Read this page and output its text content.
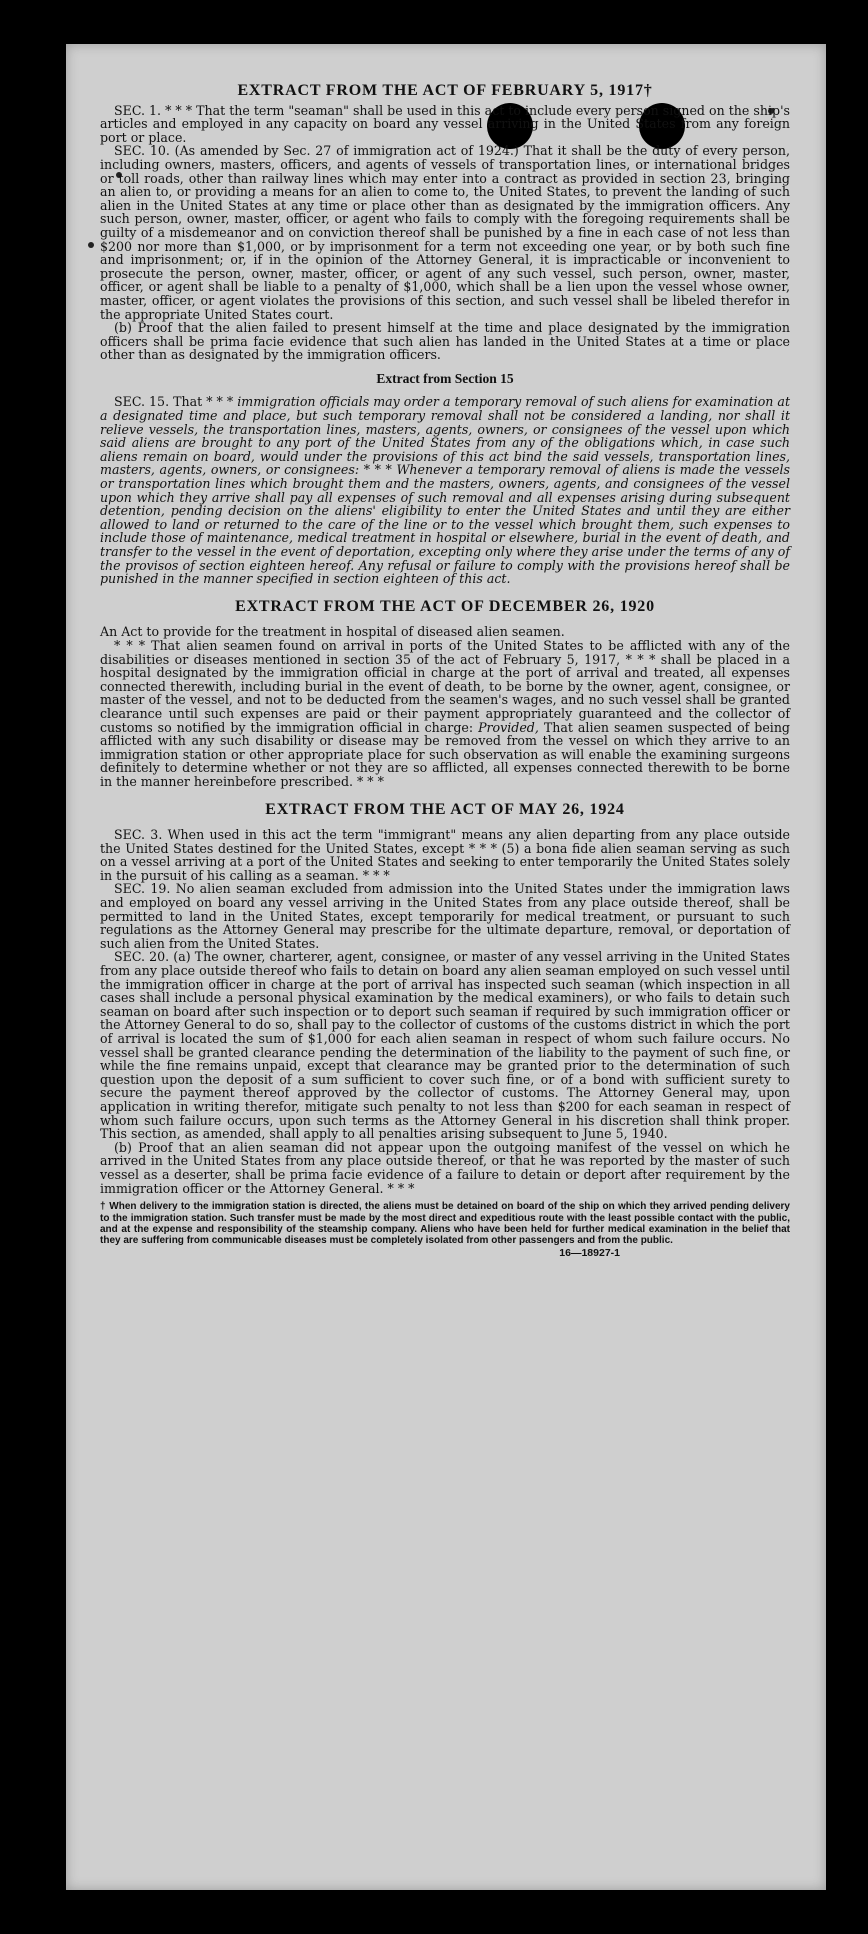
EXTRACT FROM THE ACT OF FEBRUARY 5, 1917†

SEC. 1. * * * That the term "seaman" shall be used in this act to include every person signed on the ship's articles and employed in any capacity on board any vessel arriving in the United States from any foreign port or place.

SEC. 10. (As amended by Sec. 27 of immigration act of 1924.) That it shall be the duty of every person, including owners, masters, officers, and agents of vessels of transportation lines, or international bridges or toll roads, other than railway lines which may enter into a contract as provided in section 23, bringing an alien to, or providing a means for an alien to come to, the United States, to prevent the landing of such alien in the United States at any time or place other than as designated by the immigration officers. Any such person, owner, master, officer, or agent who fails to comply with the foregoing requirements shall be guilty of a misdemeanor and on conviction thereof shall be punished by a fine in each case of not less than $200 nor more than $1,000, or by imprisonment for a term not exceeding one year, or by both such fine and imprisonment; or, if in the opinion of the Attorney General, it is impracticable or inconvenient to prosecute the person, owner, master, officer, or agent of any such vessel, such person, owner, master, officer, or agent shall be liable to a penalty of $1,000, which shall be a lien upon the vessel whose owner, master, officer, or agent violates the provisions of this section, and such vessel shall be libeled therefor in the appropriate United States court.

(b) Proof that the alien failed to present himself at the time and place designated by the immigration officers shall be prima facie evidence that such alien has landed in the United States at a time or place other than as designated by the immigration officers.

Extract from Section 15

SEC. 15. That * * * immigration officials may order a temporary removal of such aliens for examination at a designated time and place, but such temporary removal shall not be considered a landing, nor shall it relieve vessels, the transportation lines, masters, agents, owners, or consignees of the vessel upon which said aliens are brought to any port of the United States from any of the obligations which, in case such aliens remain on board, would under the provisions of this act bind the said vessels, transportation lines, masters, agents, owners, or consignees: * * * Whenever a temporary removal of aliens is made the vessels or transportation lines which brought them and the masters, owners, agents, and consignees of the vessel upon which they arrive shall pay all expenses of such removal and all expenses arising during subsequent detention, pending decision on the aliens' eligibility to enter the United States and until they are either allowed to land or returned to the care of the line or to the vessel which brought them, such expenses to include those of maintenance, medical treatment in hospital or elsewhere, burial in the event of death, and transfer to the vessel in the event of deportation, excepting only where they arise under the terms of any of the provisos of section eighteen hereof. Any refusal or failure to comply with the provisions hereof shall be punished in the manner specified in section eighteen of this act.

EXTRACT FROM THE ACT OF DECEMBER 26, 1920

An Act to provide for the treatment in hospital of diseased alien seamen.

* * * That alien seamen found on arrival in ports of the United States to be afflicted with any of the disabilities or diseases mentioned in section 35 of the act of February 5, 1917, * * * shall be placed in a hospital designated by the immigration official in charge at the port of arrival and treated, all expenses connected therewith, including burial in the event of death, to be borne by the owner, agent, consignee, or master of the vessel, and not to be deducted from the seamen's wages, and no such vessel shall be granted clearance until such expenses are paid or their payment appropriately guaranteed and the collector of customs so notified by the immigration official in charge: Provided, That alien seamen suspected of being afflicted with any such disability or disease may be removed from the vessel on which they arrive to an immigration station or other appropriate place for such observation as will enable the examining surgeons definitely to determine whether or not they are so afflicted, all expenses connected therewith to be borne in the manner hereinbefore prescribed. * * *

EXTRACT FROM THE ACT OF MAY 26, 1924

SEC. 3. When used in this act the term "immigrant" means any alien departing from any place outside the United States destined for the United States, except * * * (5) a bona fide alien seaman serving as such on a vessel arriving at a port of the United States and seeking to enter temporarily the United States solely in the pursuit of his calling as a seaman. * * *

SEC. 19. No alien seaman excluded from admission into the United States under the immigration laws and employed on board any vessel arriving in the United States from any place outside thereof, shall be permitted to land in the United States, except temporarily for medical treatment, or pursuant to such regulations as the Attorney General may prescribe for the ultimate departure, removal, or deportation of such alien from the United States.

SEC. 20. (a) The owner, charterer, agent, consignee, or master of any vessel arriving in the United States from any place outside thereof who fails to detain on board any alien seaman employed on such vessel until the immigration officer in charge at the port of arrival has inspected such seaman (which inspection in all cases shall include a personal physical examination by the medical examiners), or who fails to detain such seaman on board after such inspection or to deport such seaman if required by such immigration officer or the Attorney General to do so, shall pay to the collector of customs of the customs district in which the port of arrival is located the sum of $1,000 for each alien seaman in respect of whom such failure occurs. No vessel shall be granted clearance pending the determination of the liability to the payment of such fine, or while the fine remains unpaid, except that clearance may be granted prior to the determination of such question upon the deposit of a sum sufficient to cover such fine, or of a bond with sufficient surety to secure the payment thereof approved by the collector of customs. The Attorney General may, upon application in writing therefor, mitigate such penalty to not less than $200 for each seaman in respect of whom such failure occurs, upon such terms as the Attorney General in his discretion shall think proper. This section, as amended, shall apply to all penalties arising subsequent to June 5, 1940.

(b) Proof that an alien seaman did not appear upon the outgoing manifest of the vessel on which he arrived in the United States from any place outside thereof, or that he was reported by the master of such vessel as a deserter, shall be prima facie evidence of a failure to detain or deport after requirement by the immigration officer or the Attorney General. * * *

† When delivery to the immigration station is directed, the aliens must be detained on board of the ship on which they arrived pending delivery to the immigration station. Such transfer must be made by the most direct and expeditious route with the least possible contact with the public, and at the expense and responsibility of the steamship company. Aliens who have been held for further medical examination in the belief that they are suffering from communicable diseases must be completely isolated from other passengers and from the public.

16—18927-1
